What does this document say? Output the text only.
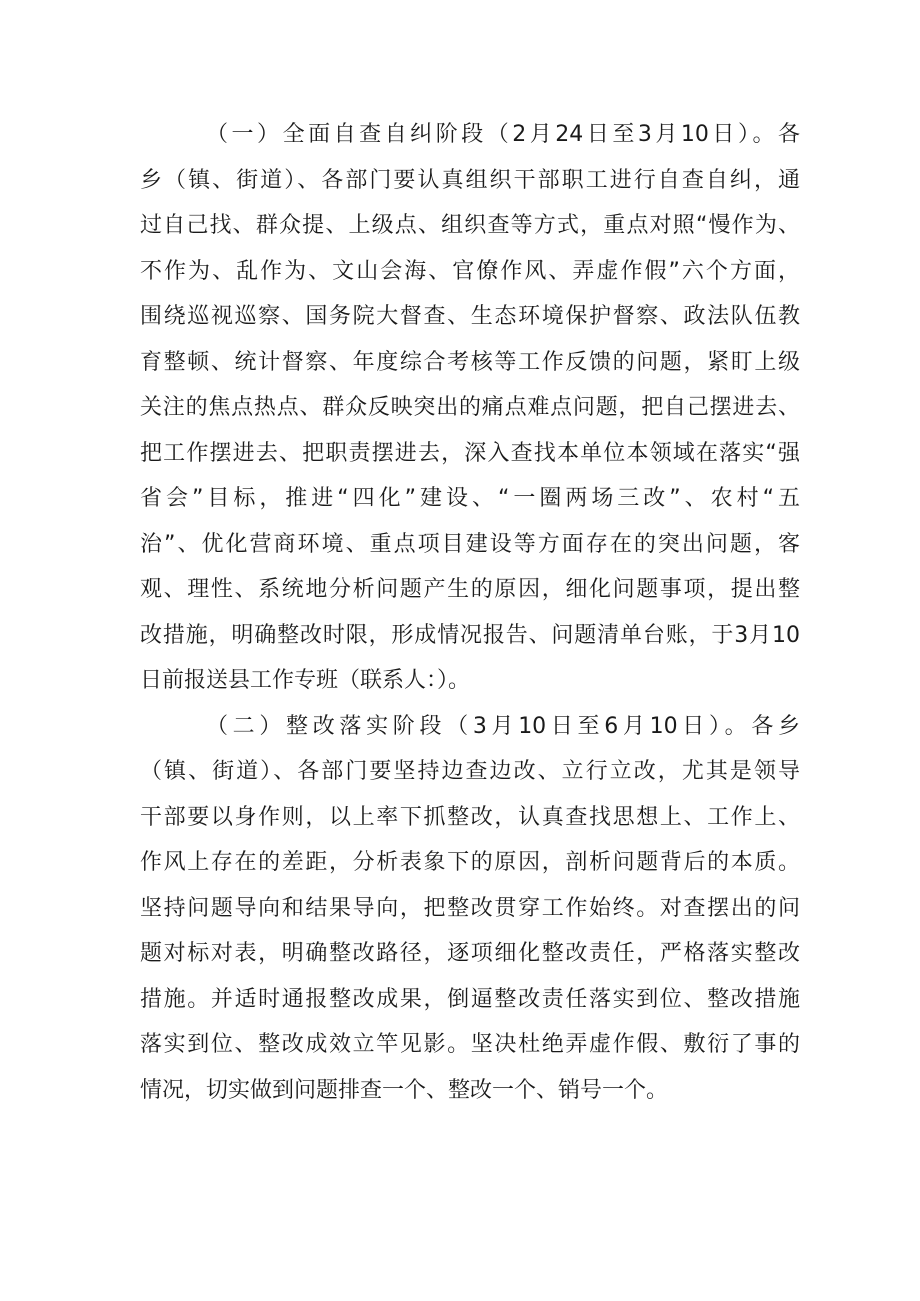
（一）全面自查自纠阶段（2月24日至3月10日）。各
乡（镇、街道）、各部门要认真组织干部职工进行自查自纠，通
过自己找、群众提、上级点、组织查等方式，重点对照“慢作为、
不作为、乱作为、文山会海、官僚作风、弄虚作假”六个方面，
围绕巡视巡察、国务院大督查、生态环境保护督察、政法队伍教
育整顿、统计督察、年度综合考核等工作反馈的问题，紧盯上级
关注的焦点热点、群众反映突出的痛点难点问题，把自己摆进去、
把工作摆进去、把职责摆进去，深入查找本单位本领域在落实“强
省会”目标，推进“四化”建设、“一圈两场三改”、农村“五
治”、优化营商环境、重点项目建设等方面存在的突出问题，客
观、理性、系统地分析问题产生的原因，细化问题事项，提出整
改措施，明确整改时限，形成情况报告、问题清单台账，于3月10
日前报送县工作专班（联系人：）。
（二）整改落实阶段（3月10日至6月10日）。各乡
（镇、街道）、各部门要坚持边查边改、立行立改，尤其是领导
干部要以身作则，以上率下抓整改，认真查找思想上、工作上、
作风上存在的差距，分析表象下的原因，剖析问题背后的本质。
坚持问题导向和结果导向，把整改贯穿工作始终。对查摆出的问
题对标对表，明确整改路径，逐项细化整改责任，严格落实整改
措施。并适时通报整改成果，倒逼整改责任落实到位、整改措施
落实到位、整改成效立竿见影。坚决杜绝弄虚作假、敷衍了事的
情况，切实做到问题排查一个、整改一个、销号一个。
